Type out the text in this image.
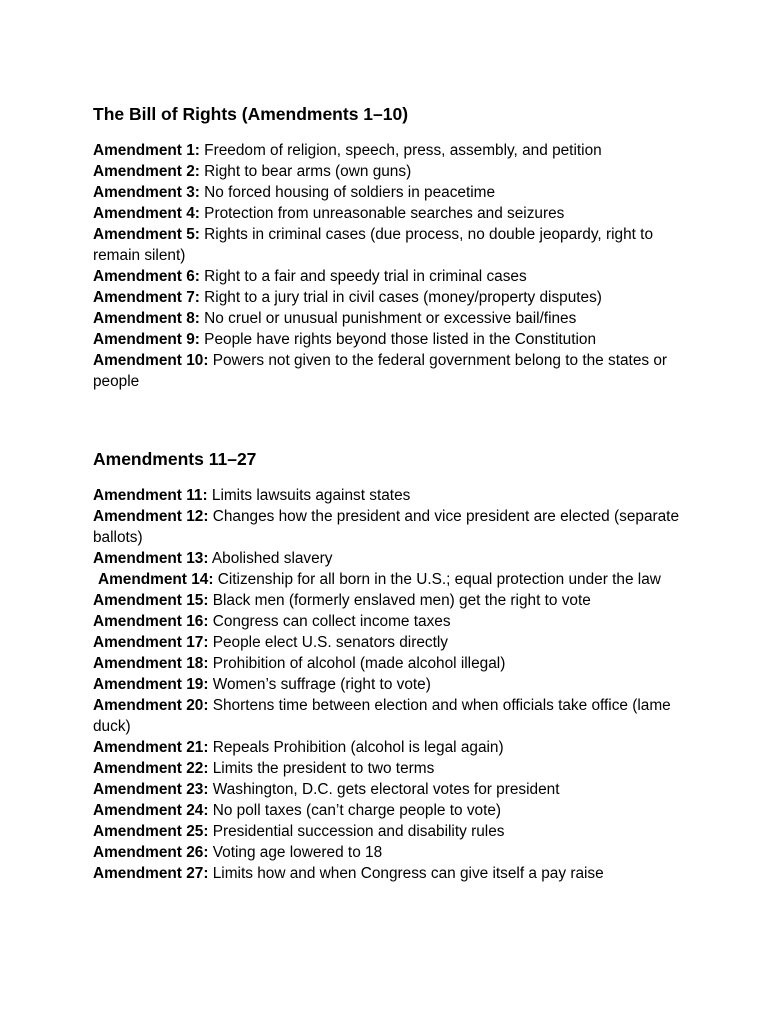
The Bill of Rights (Amendments 1–10)
Amendment 1: Freedom of religion, speech, press, assembly, and petition
Amendment 2: Right to bear arms (own guns)
Amendment 3: No forced housing of soldiers in peacetime
Amendment 4: Protection from unreasonable searches and seizures
Amendment 5: Rights in criminal cases (due process, no double jeopardy, right to remain silent)
Amendment 6: Right to a fair and speedy trial in criminal cases
Amendment 7: Right to a jury trial in civil cases (money/property disputes)
Amendment 8: No cruel or unusual punishment or excessive bail/fines
Amendment 9: People have rights beyond those listed in the Constitution
Amendment 10: Powers not given to the federal government belong to the states or people
Amendments 11–27
Amendment 11: Limits lawsuits against states
Amendment 12: Changes how the president and vice president are elected (separate ballots)
Amendment 13: Abolished slavery
Amendment 14: Citizenship for all born in the U.S.; equal protection under the law
Amendment 15: Black men (formerly enslaved men) get the right to vote
Amendment 16: Congress can collect income taxes
Amendment 17: People elect U.S. senators directly
Amendment 18: Prohibition of alcohol (made alcohol illegal)
Amendment 19: Women’s suffrage (right to vote)
Amendment 20: Shortens time between election and when officials take office (lame duck)
Amendment 21: Repeals Prohibition (alcohol is legal again)
Amendment 22: Limits the president to two terms
Amendment 23: Washington, D.C. gets electoral votes for president
Amendment 24: No poll taxes (can’t charge people to vote)
Amendment 25: Presidential succession and disability rules
Amendment 26: Voting age lowered to 18
Amendment 27: Limits how and when Congress can give itself a pay raise
